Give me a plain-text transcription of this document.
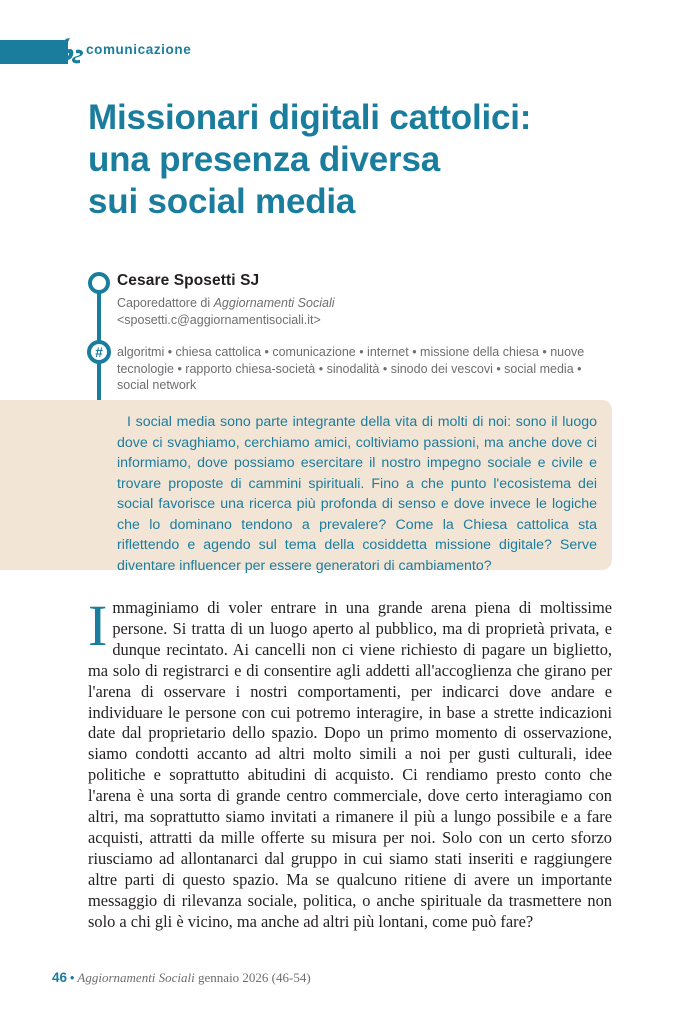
comunicazione
Missionari digitali cattolici:
una presenza diversa
sui social media
#
Cesare Sposetti SJ
Caporedattore di Aggiornamenti Sociali
<sposetti.c@aggiornamentisociali.it>
algoritmi • chiesa cattolica • comunicazione • internet • missione della chiesa • nuove tecnologie • rapporto chiesa-società • sinodalità • sinodo dei vescovi • social media • social network
I social media sono parte integrante della vita di molti di noi: sono il luogo dove ci svaghiamo, cerchiamo amici, coltiviamo passioni, ma anche dove ci informiamo, dove possiamo esercitare il nostro impegno sociale e civile e trovare proposte di cammini spirituali. Fino a che punto l'ecosistema dei social favorisce una ricerca più profonda di senso e dove invece le logiche che lo dominano tendono a prevalere? Come la Chiesa cattolica sta riflettendo e agendo sul tema della cosiddetta missione digitale? Serve diventare influencer per essere generatori di cambiamento?
Immaginiamo di voler entrare in una grande arena piena di moltissime persone. Si tratta di un luogo aperto al pubblico, ma di proprietà privata, e dunque recintato. Ai cancelli non ci viene richiesto di pagare un biglietto, ma solo di registrarci e di consentire agli addetti all'accoglienza che girano per l'arena di osservare i nostri comportamenti, per indicarci dove andare e individuare le persone con cui potremo interagire, in base a strette indicazioni date dal proprietario dello spazio. Dopo un primo momento di osservazione, siamo condotti accanto ad altri molto simili a noi per gusti culturali, idee politiche e soprattutto abitudini di acquisto. Ci rendiamo presto conto che l'arena è una sorta di grande centro commerciale, dove certo interagiamo con altri, ma soprattutto siamo invitati a rimanere il più a lungo possibile e a fare acquisti, attratti da mille offerte su misura per noi. Solo con un certo sforzo riusciamo ad allontanarci dal gruppo in cui siamo stati inseriti e raggiungere altre parti di questo spazio. Ma se qualcuno ritiene di avere un importante messaggio di rilevanza sociale, politica, o anche spirituale da trasmettere non solo a chi gli è vicino, ma anche ad altri più lontani, come può fare?
46 • Aggiornamenti Sociali gennaio 2026 (46-54)
